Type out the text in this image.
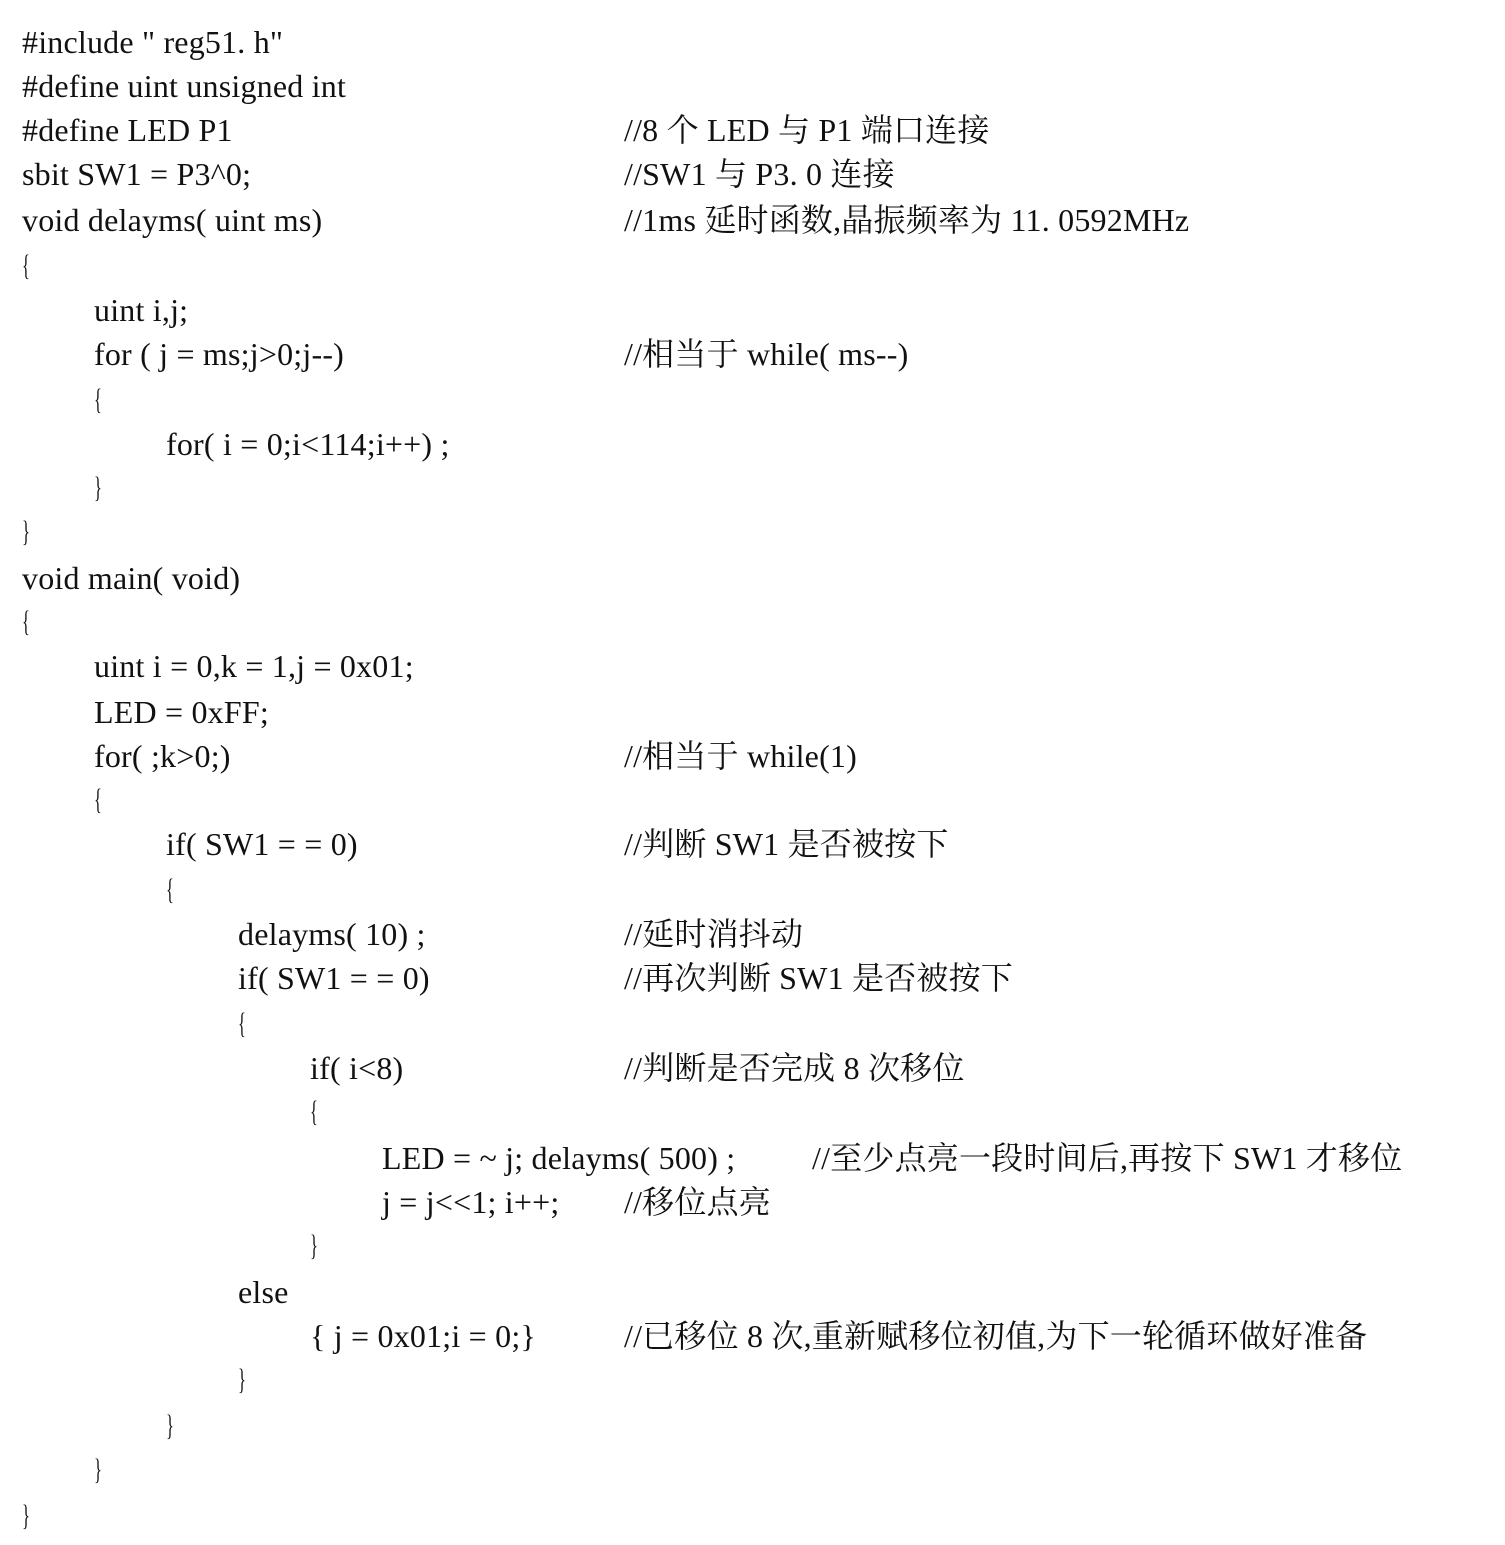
#include " reg51. h"
#define uint unsigned int
#define LED P1	//8 个 LED 与 P1 端口连接
sbit SW1 = P3^0;	//SW1 与 P3. 0 连接
void delayms( uint ms)	//1ms 延时函数,晶振频率为 11. 0592MHz
{
uint i,j;
for ( j = ms;j>0;j--)	//相当于 while( ms--)
{
for( i = 0;i<114;i++) ;
}
}
void main( void)
{
uint i = 0,k = 1,j = 0x01;
LED = 0xFF;
for( ;k>0;)	//相当于 while(1)
{
if( SW1 = = 0)	//判断 SW1 是否被按下
{
delayms( 10) ;	//延时消抖动
if( SW1 = = 0)	//再次判断 SW1 是否被按下
{
if( i<8)	//判断是否完成 8 次移位
{
LED = ~ j; delayms( 500) ; //至少点亮一段时间后,再按下 SW1 才移位
j = j<<1; i++; //移位点亮
}
else
{ j = 0x01;i = 0;}	//已移位 8 次,重新赋移位初值,为下一轮循环做好准备
}
}
}
}
